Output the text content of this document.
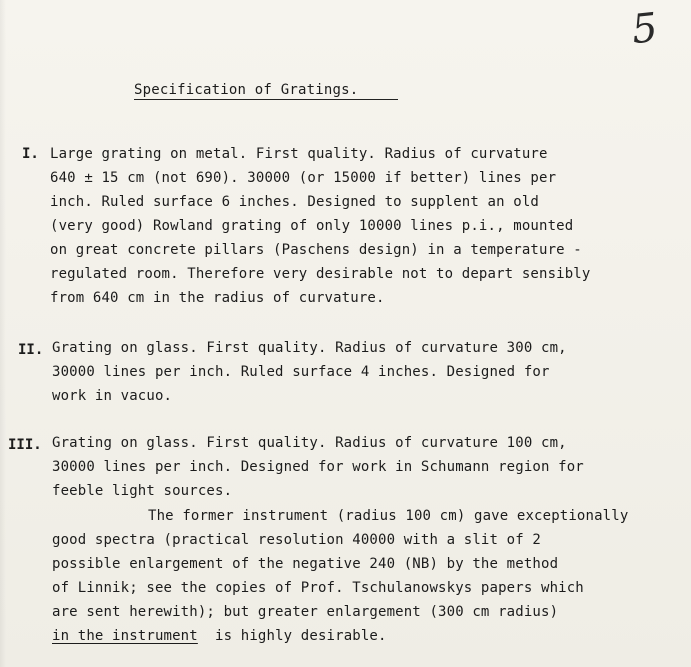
5
Specification of Gratings.
I. Large grating on metal. First quality. Radius of curvature
640 ± 15 cm (not 690). 30000 (or 15000 if better) lines per
inch. Ruled surface 6 inches. Designed to supplent an old
(very good) Rowland grating of only 10000 lines p.i., mounted
on great concrete pillars (Paschens design) in a temperature -
regulated room. Therefore very desirable not to depart sensibly
from 640 cm in the radius of curvature.
II. Grating on glass. First quality. Radius of curvature 300 cm,
30000 lines per inch. Ruled surface 4 inches. Designed for
work in vacuo.
III. Grating on glass. First quality. Radius of curvature 100 cm,
30000 lines per inch. Designed for work in Schumann region for
feeble light sources.
The former instrument (radius 100 cm) gave exceptionally
good spectra (practical resolution 40000 with a slit of 2
possible enlargement of the negative 240 (NB) by the method
of Linnik; see the copies of Prof. Tschulanowskys papers which
are sent herewith); but greater enlargement (300 cm radius)
in the instrument is highly desirable.
